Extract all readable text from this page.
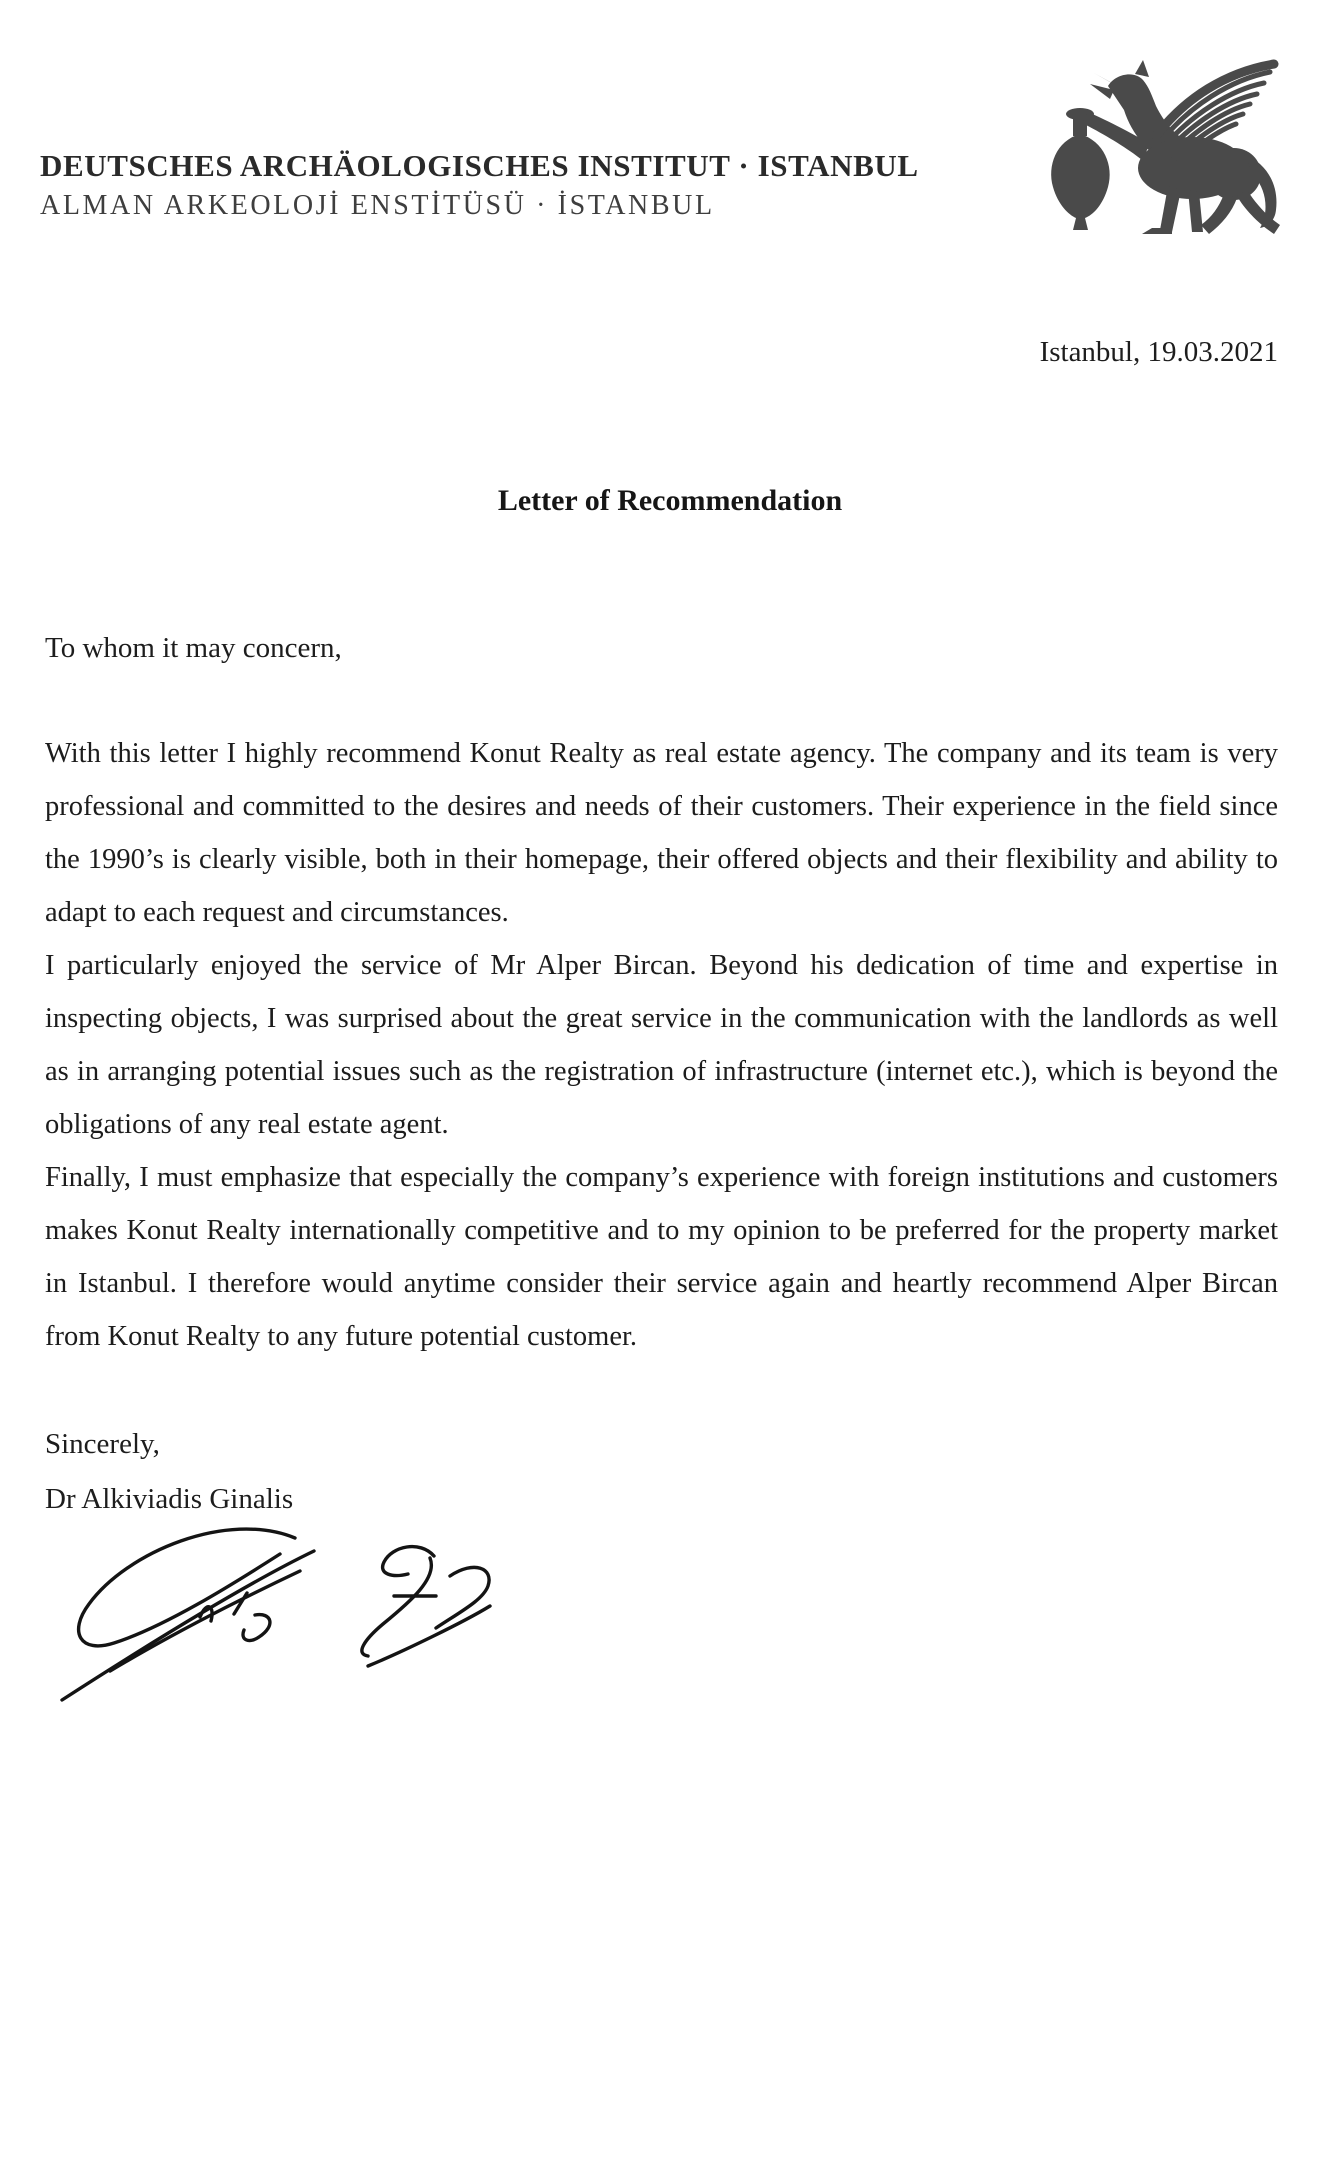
DEUTSCHES ARCHÄOLOGISCHES INSTITUT · ISTANBUL
ALMAN ARKEOLOJİ ENSTİTÜSÜ · İSTANBUL
Istanbul, 19.03.2021
Letter of Recommendation
To whom it may concern,

With this letter I highly recommend Konut Realty as real estate agency. The company and its team is very professional and committed to the desires and needs of their customers. Their experience in the field since the 1990’s is clearly visible, both in their homepage, their offered objects and their flexibility and ability to adapt to each request and circumstances.

I particularly enjoyed the service of Mr Alper Bircan. Beyond his dedication of time and expertise in inspecting objects, I was surprised about the great service in the communication with the landlords as well as in arranging potential issues such as the registration of infrastructure (internet etc.), which is beyond the obligations of any real estate agent.

Finally, I must emphasize that especially the company’s experience with foreign institutions and customers makes Konut Realty internationally competitive and to my opinion to be preferred for the property market in Istanbul. I therefore would anytime consider their service again and heartly recommend Alper Bircan from Konut Realty to any future potential customer.

Sincerely,
Dr Alkiviadis Ginalis
